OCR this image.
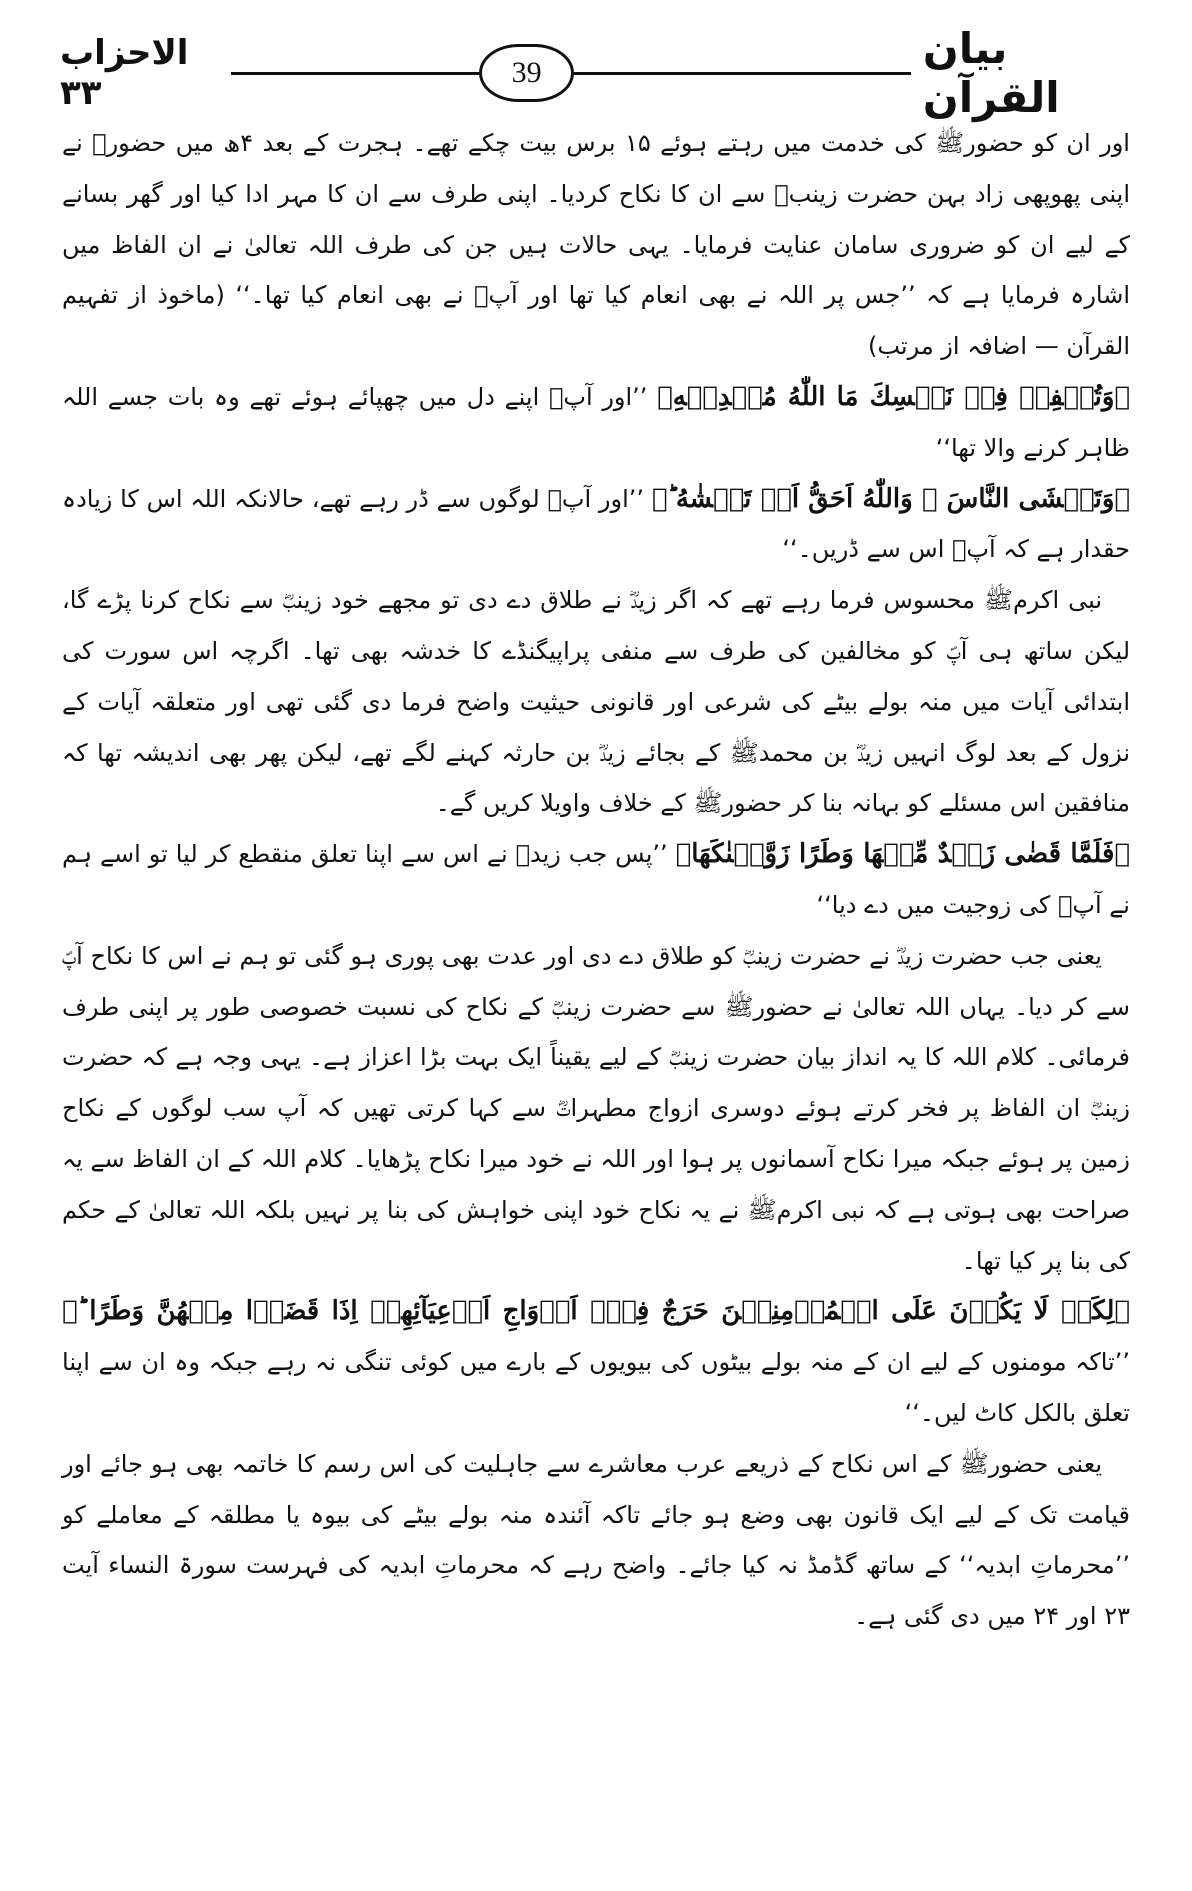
الاحزاب ۳۳
39	بیان القرآن

اور ان کو حضورﷺ کی خدمت میں رہتے ہوئے ۱۵ برس بیت چکے تھے۔ ہجرت کے بعد ۴ھ میں حضورﷺ نے اپنی پھوپھی زاد بہن حضرت زینبؓ سے ان کا نکاح کردیا۔ اپنی طرف سے ان کا مہر ادا کیا اور گھر بسانے کے لیے ان کو ضروری سامان عنایت فرمایا۔ یہی حالات ہیں جن کی طرف اللہ تعالیٰ نے ان الفاظ میں اشارہ فرمایا ہے کہ ’’جس پر اللہ نے بھی انعام کیا تھا اور آپؐ نے بھی انعام کیا تھا۔‘‘ (ماخوذ از تفہیم القرآن — اضافہ از مرتب)

﴿وَتُخۡفِیۡ فِیۡ نَفۡسِكَ مَا اللّٰهُ مُبۡدِيۡهِ﴾ ’’اور آپؐ اپنے دل میں چھپائے ہوئے تھے وہ بات جسے اللہ ظاہر کرنے والا تھا‘‘

﴿وَتَخۡشَی النَّاسَ ۚ وَاللّٰهُ اَحَقُّ اَنۡ تَخۡشٰهُ ؕ﴾ ’’اور آپؐ لوگوں سے ڈر رہے تھے، حالانکہ اللہ اس کا زیادہ حقدار ہے کہ آپؐ اس سے ڈریں۔‘‘

نبی اکرمﷺ محسوس فرما رہے تھے کہ اگر زیدؓ نے طلاق دے دی تو مجھے خود زینبؓ سے نکاح کرنا پڑے گا، لیکن ساتھ ہی آپؐ کو مخالفین کی طرف سے منفی پراپیگنڈے کا خدشہ بھی تھا۔ اگرچہ اس سورت کی ابتدائی آیات میں منہ بولے بیٹے کی شرعی اور قانونی حیثیت واضح فرما دی گئی تھی اور متعلقہ آیات کے نزول کے بعد لوگ انہیں زیدؓ بن محمدﷺ کے بجائے زیدؓ بن حارثہ کہنے لگے تھے، لیکن پھر بھی اندیشہ تھا کہ منافقین اس مسئلے کو بہانہ بنا کر حضورﷺ کے خلاف واویلا کریں گے۔

﴿فَلَمَّا قَضٰی زَیۡدٌ مِّنۡهَا وَطَرًا زَوَّجۡنٰكَهَا﴾ ’’پس جب زیدؓ نے اس سے اپنا تعلق منقطع کر لیا تو اسے ہم نے آپؐ کی زوجیت میں دے دیا‘‘

یعنی جب حضرت زیدؓ نے حضرت زینبؓ کو طلاق دے دی اور عدت بھی پوری ہو گئی تو ہم نے اس کا نکاح آپؐ سے کر دیا۔ یہاں اللہ تعالیٰ نے حضورﷺ سے حضرت زینبؓ کے نکاح کی نسبت خصوصی طور پر اپنی طرف فرمائی۔ کلام اللہ کا یہ انداز بیان حضرت زینبؓ کے لیے یقیناً ایک بہت بڑا اعزاز ہے۔ یہی وجہ ہے کہ حضرت زینبؓ ان الفاظ پر فخر کرتے ہوئے دوسری ازواج مطہراتؓ سے کہا کرتی تھیں کہ آپ سب لوگوں کے نکاح زمین پر ہوئے جبکہ میرا نکاح آسمانوں پر ہوا اور اللہ نے خود میرا نکاح پڑھایا۔ کلام اللہ کے ان الفاظ سے یہ صراحت بھی ہوتی ہے کہ نبی اکرمﷺ نے یہ نکاح خود اپنی خواہش کی بنا پر نہیں بلکہ اللہ تعالیٰ کے حکم کی بنا پر کیا تھا۔

﴿لِكَیۡ لَا یَكُوۡنَ عَلَی الۡمُؤۡمِنِیۡنَ حَرَجٌ فِیۡۤ اَزۡوَاجِ اَدۡعِیَآئِهِمۡ اِذَا قَضَوۡا مِنۡهُنَّ وَطَرًا ؕ﴾ ’’تاکہ مومنوں کے لیے ان کے منہ بولے بیٹوں کی بیویوں کے بارے میں کوئی تنگی نہ رہے جبکہ وہ ان سے اپنا تعلق بالکل کاٹ لیں۔‘‘

یعنی حضورﷺ کے اس نکاح کے ذریعے عرب معاشرے سے جاہلیت کی اس رسم کا خاتمہ بھی ہو جائے اور قیامت تک کے لیے ایک قانون بھی وضع ہو جائے تاکہ آئندہ منہ بولے بیٹے کی بیوہ یا مطلقہ کے معاملے کو ’’محرماتِ ابدیہ‘‘ کے ساتھ گڈمڈ نہ کیا جائے۔ واضح رہے کہ محرماتِ ابدیہ کی فہرست سورۃ النساء آیت ۲۳ اور ۲۴ میں دی گئی ہے۔
